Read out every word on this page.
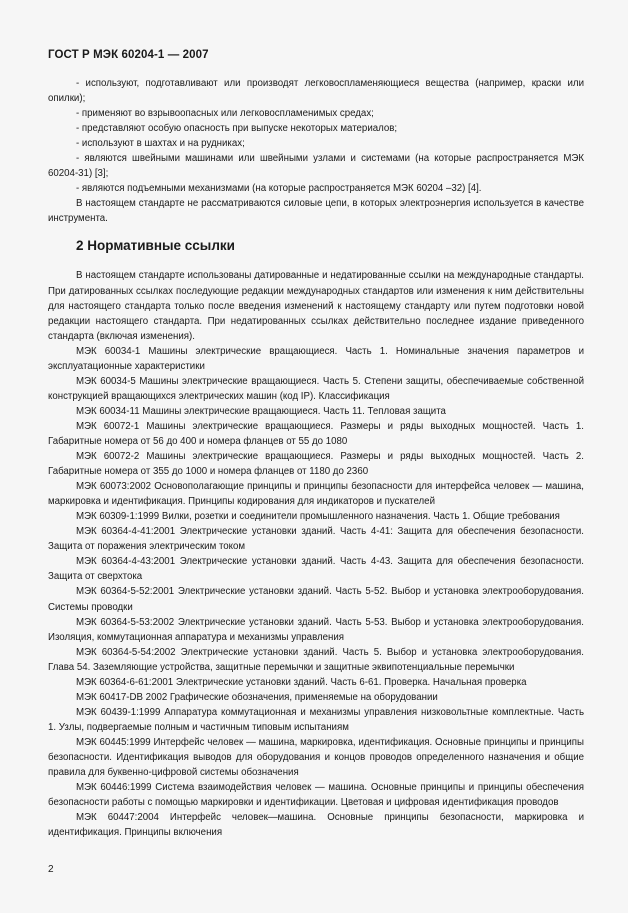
ГОСТ Р МЭК 60204-1 — 2007

- используют, подготавливают или производят легковоспламеняющиеся вещества (например, краски или опилки);

- применяют во взрывоопасных или легковоспламенимых средах;

- представляют особую опасность при выпуске некоторых материалов;

- используют в шахтах и на рудниках;

- являются швейными машинами или швейными узлами и системами (на которые распространяется МЭК 60204-31) [3];

- являются подъемными механизмами (на которые распространяется МЭК 60204 –32) [4].

В настоящем стандарте не рассматриваются силовые цепи, в которых электроэнергия используется в качестве инструмента.

2 Нормативные ссылки

В настоящем стандарте использованы датированные и недатированные ссылки на международные стандарты. При датированных ссылках последующие редакции международных стандартов или изменения к ним действительны для настоящего стандарта только после введения изменений к настоящему стандарту или путем подготовки новой редакции настоящего стандарта. При недатированных ссылках действительно последнее издание приведенного стандарта (включая изменения).

МЭК 60034-1 Машины электрические вращающиеся. Часть 1. Номинальные значения параметров и эксплуатационные характеристики

МЭК 60034-5 Машины электрические вращающиеся. Часть 5. Степени защиты, обеспечиваемые собственной конструкцией вращающихся электрических машин (код IP). Классификация

МЭК 60034-11 Машины электрические вращающиеся. Часть 11. Тепловая защита

МЭК 60072-1 Машины электрические вращающиеся. Размеры и ряды выходных мощностей. Часть 1. Габаритные номера от 56 до 400 и номера фланцев от 55 до 1080

МЭК 60072-2 Машины электрические вращающиеся. Размеры и ряды выходных мощностей. Часть 2. Габаритные номера от 355 до 1000 и номера фланцев от 1180 до 2360

МЭК 60073:2002 Основополагающие принципы и принципы безопасности для интерфейса человек — машина, маркировка и идентификация. Принципы кодирования для индикаторов и пускателей

МЭК 60309-1:1999 Вилки, розетки и соединители промышленного назначения. Часть 1. Общие требования

МЭК 60364-4-41:2001 Электрические установки зданий. Часть 4-41: Защита для обеспечения безопасности. Защита от поражения электрическим током

МЭК 60364-4-43:2001 Электрические установки зданий. Часть 4-43. Защита для обеспечения безопасности. Защита от сверхтока

МЭК 60364-5-52:2001 Электрические установки зданий. Часть 5-52. Выбор и установка электрооборудования. Системы проводки

МЭК 60364-5-53:2002 Электрические установки зданий. Часть 5-53. Выбор и установка электрооборудования. Изоляция, коммутационная аппаратура и механизмы управления

МЭК 60364-5-54:2002 Электрические установки зданий. Часть 5. Выбор и установка электрооборудования. Глава 54. Заземляющие устройства, защитные перемычки и защитные эквипотенциальные перемычки

МЭК 60364-6-61:2001 Электрические установки зданий. Часть 6-61. Проверка. Начальная проверка

МЭК 60417-DB 2002 Графические обозначения, применяемые на оборудовании

МЭК 60439-1:1999 Аппаратура коммутационная и механизмы управления низковольтные комплектные. Часть 1. Узлы, подвергаемые полным и частичным типовым испытаниям

МЭК 60445:1999 Интерфейс человек — машина, маркировка, идентификация. Основные принципы и принципы безопасности. Идентификация выводов для оборудования и концов проводов определенного назначения и общие правила для буквенно-цифровой системы обозначения

МЭК 60446:1999 Система взаимодействия человек — машина. Основные принципы и принципы обеспечения безопасности работы с помощью маркировки и идентификации. Цветовая и цифровая идентификация проводов

МЭК 60447:2004 Интерфейс человек—машина. Основные принципы безопасности, маркировка и идентификация. Принципы включения

2
